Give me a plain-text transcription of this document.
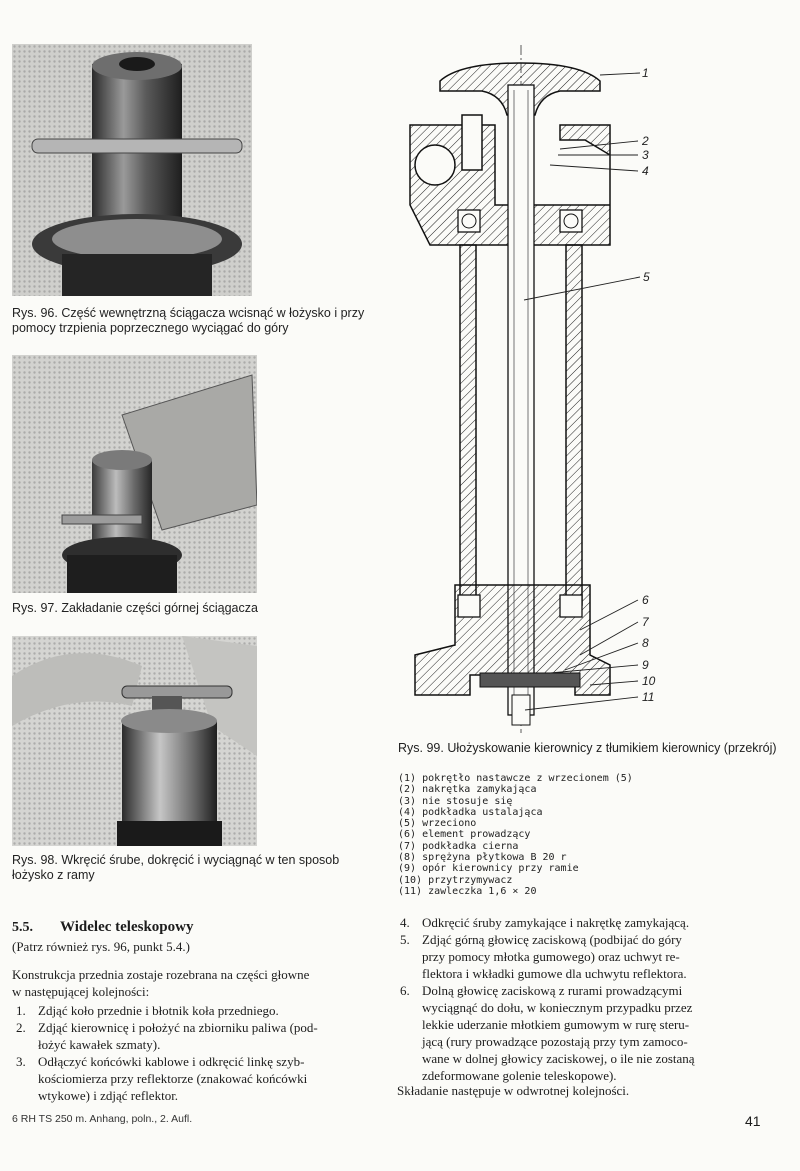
Rys. 96. Część wewnętrzną ściągacza wcisnąć w łożysko i przy pomocy trzpienia poprzecznego wyciągać do góry
Rys. 97. Zakładanie części górnej ściągacza
Rys. 98. Wkręcić śrube, dokręcić i wyciągnąć w ten sposob łożysko z ramy
1
2
3
4
5
6
7
8
9
10
11
Rys. 99. Ułożyskowanie kierownicy z tłumikiem kierownicy (przekrój)
(1) pokrętło nastawcze z wrzecionem (5)
(2) nakrętka zamykająca
(3) nie stosuje się
(4) podkładka ustalająca
(5) wrzeciono
(6) element prowadzący
(7) podkładka cierna
(8) sprężyna płytkowa B 20 r
(9) opór kierownicy przy ramie
(10) przytrzymywacz
(11) zawleczka 1,6 × 20
5.5. Widelec teleskopowy
(Patrz również rys. 96, punkt 5.4.)
Konstrukcja przednia zostaje rozebrana na części głowne
w następującej kolejności:
1. Zdjąć koło przednie i błotnik koła przedniego.
2. Zdjąć kierownicę i położyć na zbiorniku paliwa (pod-
łożyć kawałek szmaty).
3. Odłączyć końcówki kablowe i odkręcić linkę szyb-
kościomierza przy reflektorze (znakować końcówki
wtykowe) i zdjąć reflektor.
4. Odkręcić śruby zamykające i nakrętkę zamykającą.
5. Zdjąć górną głowicę zaciskową (podbijać do góry
przy pomocy młotka gumowego) oraz uchwyt re-
flektora i wkładki gumowe dla uchwytu reflektora.
6. Dolną głowicę zaciskową z rurami prowadzącymi
wyciągnąć do dołu, w koniecznym przypadku przez
lekkie uderzanie młotkiem gumowym w rurę steru-
jącą (rury prowadzące pozostają przy tym zamoco-
wane w dolnej głowicy zaciskowej, o ile nie zostaną
zdeformowane golenie teleskopowe).
Składanie następuje w odwrotnej kolejności.
6 RH TS 250 m. Anhang, poln., 2. Aufl.	41
